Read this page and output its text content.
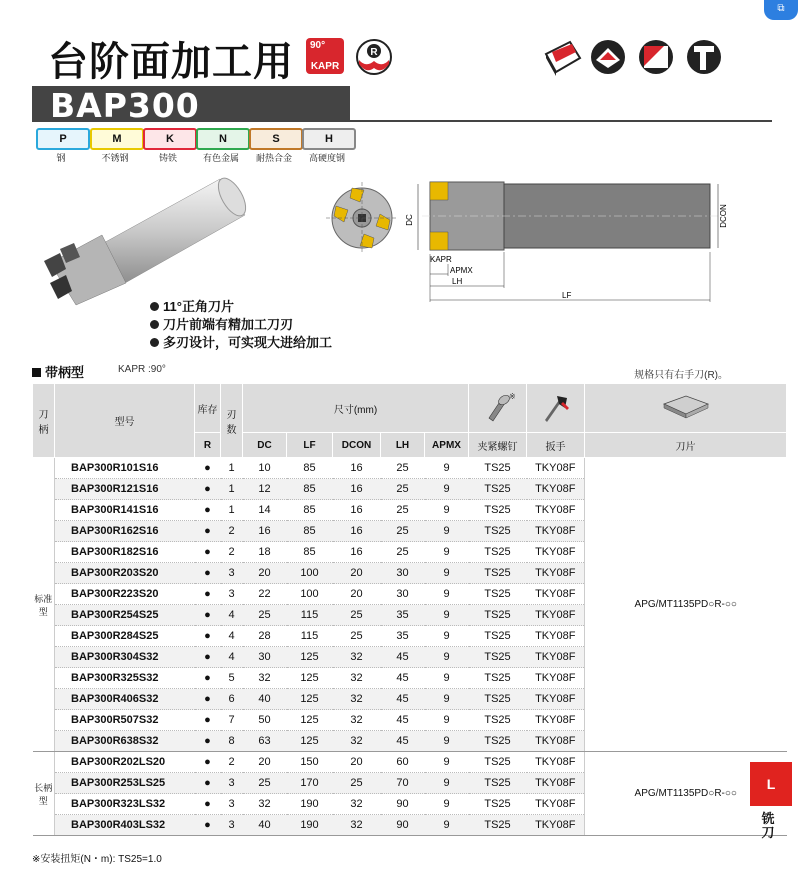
台阶面加工用 90°
KAPR
R
BAP300
P	M	K	N	S	H
钢	不锈钢	铸铁	有色金属	耐热合金	高硬度钢
11°正角刀片
刀片前端有精加工刀刃
多刃设计，可实现大进给加工
DC	DCON
KAPR
APMX
LH
LF
带柄型	KAPR :90°
规格只有右手刀(R)。
刀柄	型号	库存	刃数	尺寸(mm)					※

		R		DC	LF	DCON	LH	APMX	夹紧螺钉	扳手	刀片
标准型	BAP300R101S16	●	1	10	85	16	25	9	TS25	TKY08F	APG/MT1135PD○R-○○
	BAP300R121S16	●	1	12	85	16	25	9	TS25	TKY08F	
	BAP300R141S16	●	1	14	85	16	25	9	TS25	TKY08F	
	BAP300R162S16	●	2	16	85	16	25	9	TS25	TKY08F	
	BAP300R182S16	●	2	18	85	16	25	9	TS25	TKY08F	
	BAP300R203S20	●	3	20	100	20	30	9	TS25	TKY08F	
	BAP300R223S20	●	3	22	100	20	30	9	TS25	TKY08F	
	BAP300R254S25	●	4	25	115	25	35	9	TS25	TKY08F	
	BAP300R284S25	●	4	28	115	25	35	9	TS25	TKY08F	
	BAP300R304S32	●	4	30	125	32	45	9	TS25	TKY08F	
	BAP300R325S32	●	5	32	125	32	45	9	TS25	TKY08F	
	BAP300R406S32	●	6	40	125	32	45	9	TS25	TKY08F	
	BAP300R507S32	●	7	50	125	32	45	9	TS25	TKY08F	
	BAP300R638S32	●	8	63	125	32	45	9	TS25	TKY08F	
长柄型	BAP300R202LS20	●	2	20	150	20	60	9	TS25	TKY08F	APG/MT1135PD○R-○○
	BAP300R253LS25	●	3	25	170	25	70	9	TS25	TKY08F	
	BAP300R323LS32	●	3	32	190	32	90	9	TS25	TKY08F	
	BAP300R403LS32	●	3	40	190	32	90	9	TS25	TKY08F	
※安装扭矩(N・m): TS25=1.0
L
铣刀
⧉
